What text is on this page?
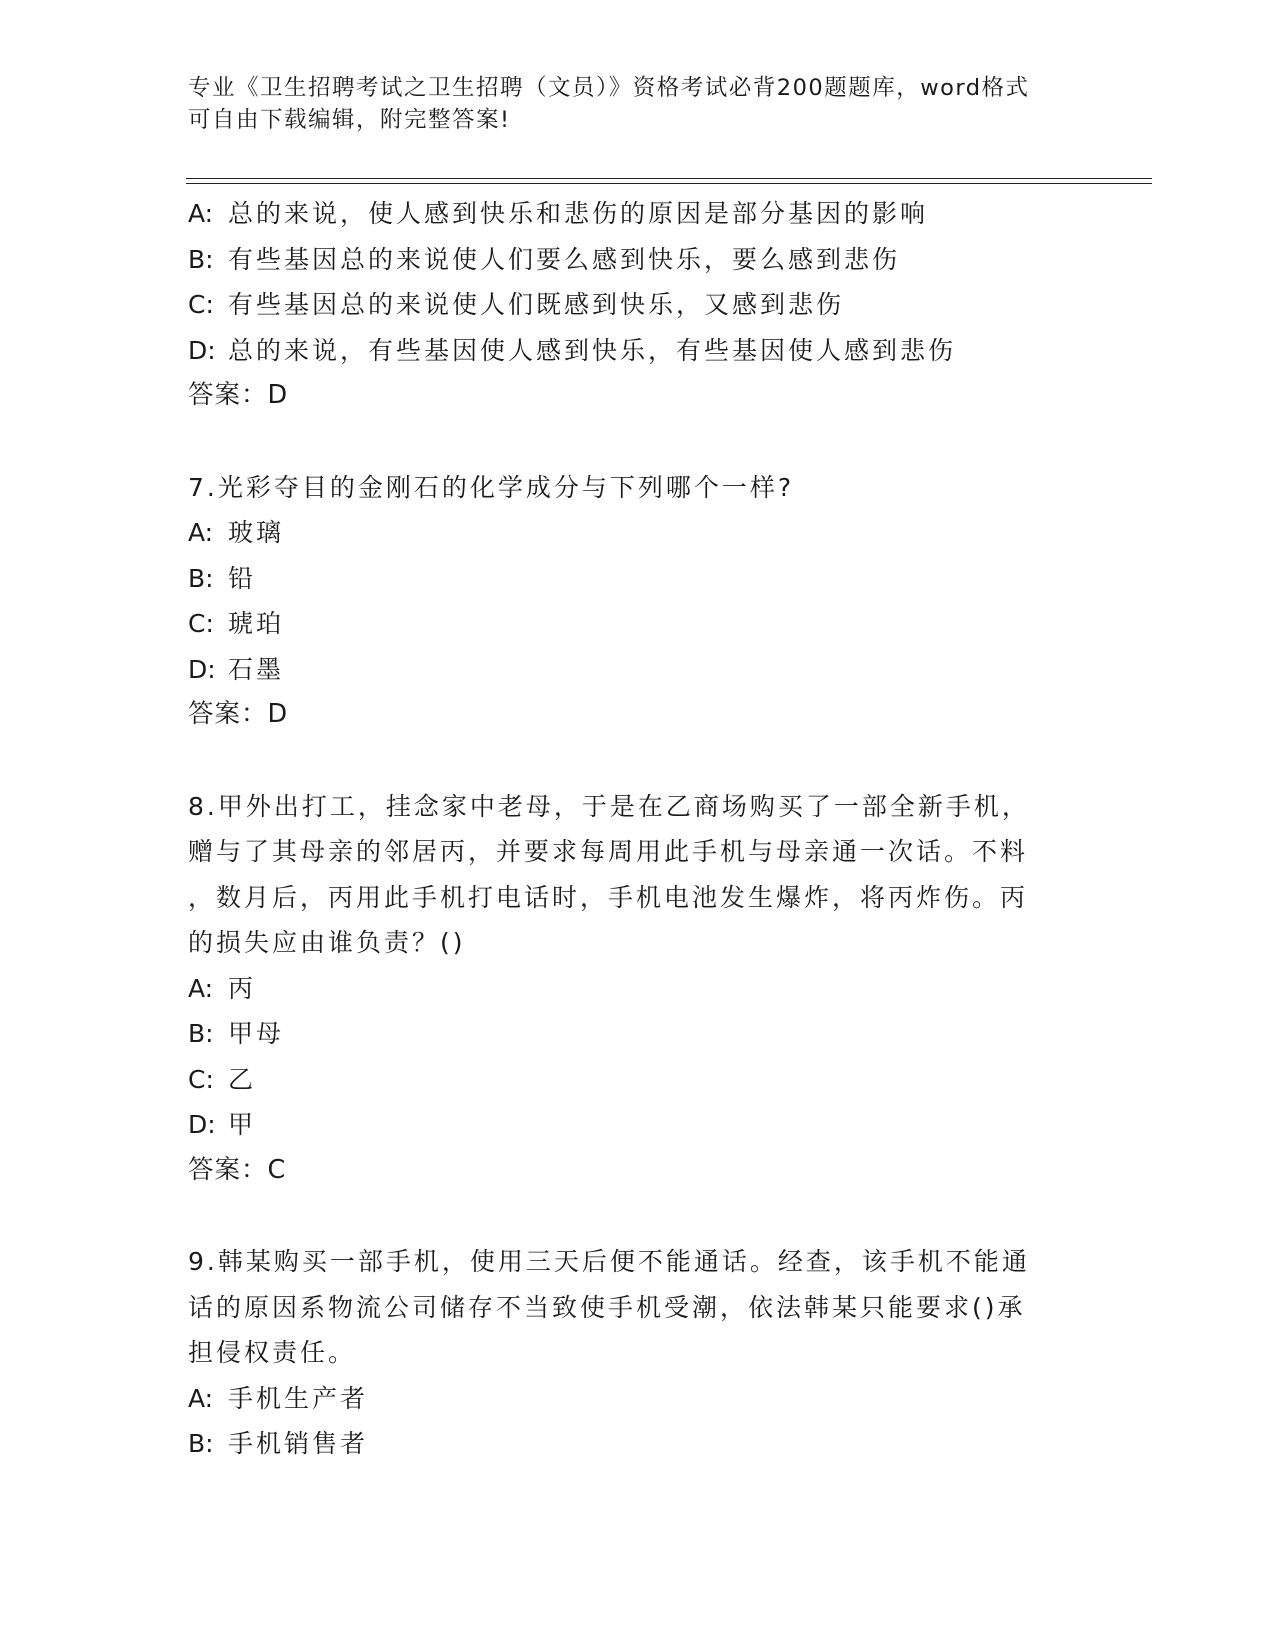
专业《卫生招聘考试之卫生招聘（文员）》资格考试必背200题题库，word格式
可自由下载编辑，附完整答案!
A: 总的来说，使人感到快乐和悲伤的原因是部分基因的影响
B: 有些基因总的来说使人们要么感到快乐，要么感到悲伤
C: 有些基因总的来说使人们既感到快乐，又感到悲伤
D: 总的来说，有些基因使人感到快乐，有些基因使人感到悲伤
答案：D
7.光彩夺目的金刚石的化学成分与下列哪个一样?
A: 玻璃
B: 铅
C: 琥珀
D: 石墨
答案：D
8.甲外出打工，挂念家中老母，于是在乙商场购买了一部全新手机，
赠与了其母亲的邻居丙，并要求每周用此手机与母亲通一次话。不料
，数月后，丙用此手机打电话时，手机电池发生爆炸，将丙炸伤。丙
的损失应由谁负责？()
A: 丙
B: 甲母
C: 乙
D: 甲
答案：C
9.韩某购买一部手机，使用三天后便不能通话。经查，该手机不能通
话的原因系物流公司储存不当致使手机受潮，依法韩某只能要求()承
担侵权责任。
A: 手机生产者
B: 手机销售者
